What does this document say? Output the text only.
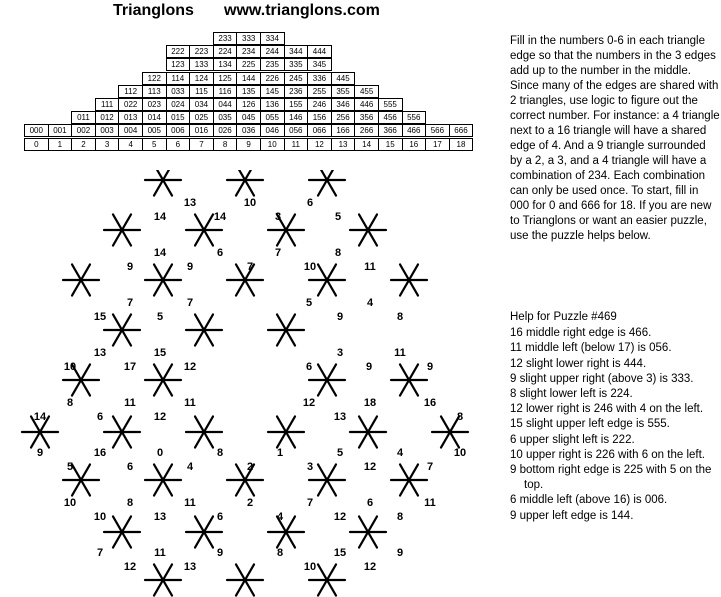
Trianglons www.trianglons.com
233	333	334
222	223	224	234	244	344	444
123	133	134	225	235	335	345
122	114	124	125	144	226	245	336	445
112	113	033	115	116	135	145	236	255	355	455
111	022	023	024	034	044	126	136	155	246	346	446	555
011	012	013	014	015	025	035	045	055	146	156	256	356	456	556
000	001	002	003	004	005	006	016	026	036	046	056	066	166	266	366	466	566	666
0	1	2	3	4	5	6	7	8	9	10	11	12	13	14	15	16	17	18
Fill in the numbers 0-6 in each triangle edge so that the numbers in the 3 edges add up to the number in the middle. Since many of the edges are shared with 2 triangles, use logic to figure out the correct number. For instance: a 4 triangle next to a 16 triangle will have a shared edge of 4. And a 9 triangle surrounded by a 2, a 3, and a 4 triangle will have a combination of 234. Each combination can only be used once. To start, fill in 000 for 0 and 666 for 18. If you are new to Trianglons or want an easier puzzle, use the puzzle helps below.
Help for Puzzle #469
16 middle right edge is 466.
11 middle left (below 17) is 056.
12 slight lower right is 444.
9 slight upper right (above 3) is 333.
8 slight lower left is 224.
12 lower right is 246 with 4 on the left.
15 slight upper left edge is 555.
6 upper slight left is 222.
10 upper right is 226 with 6 on the left.
9 bottom right edge is 225 with 5 on the top.
6 middle left (above 16) is 006.
9 upper left edge is 144.
13	10	6
14	14	3	5
14	6	7	8
9	9	7	10	11
7	7	5	4
15	5	9	8
13	15	3	11
10	17	12	6	9	9
8	11	11	12	18	16
14	6	12	13	8
9	16	0	8	1	5	4	10
5	6	4	2	3	12	7
10	8	11	2	7	6	11
10	13	6	4	12	8
7	11	9	8	15	9
12	13	10	12
